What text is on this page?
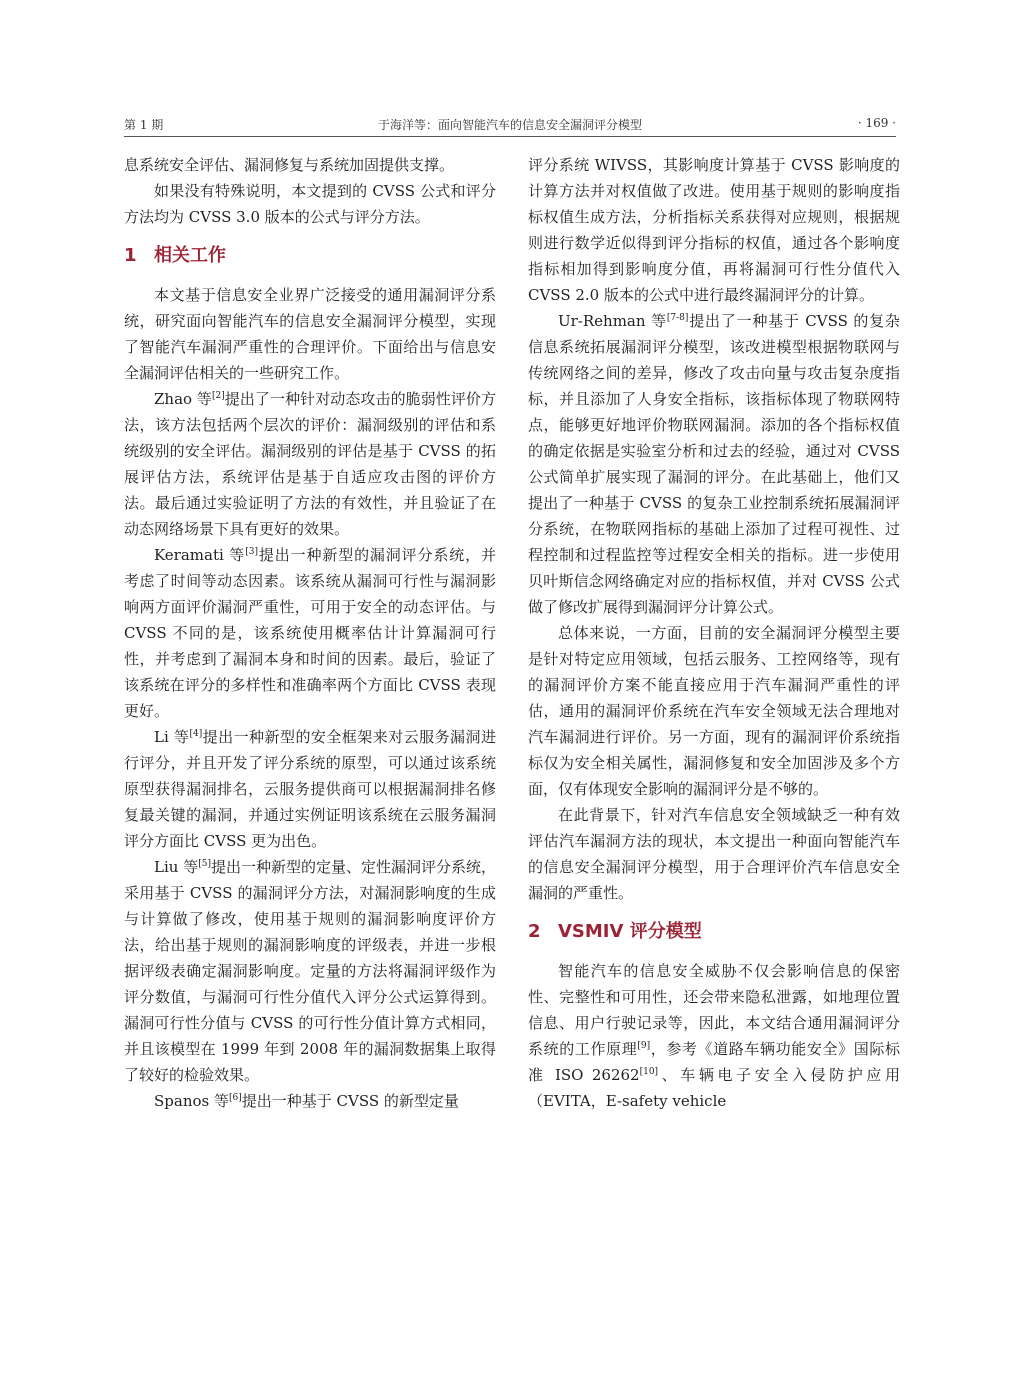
第 1 期	于海洋等：面向智能汽车的信息安全漏洞评分模型	· 169 ·

息系统安全评估、漏洞修复与系统加固提供支撑。

如果没有特殊说明，本文提到的 CVSS 公式和评分方法均为 CVSS 3.0 版本的公式与评分方法。

1 相关工作

本文基于信息安全业界广泛接受的通用漏洞评分系统，研究面向智能汽车的信息安全漏洞评分模型，实现了智能汽车漏洞严重性的合理评价。下面给出与信息安全漏洞评估相关的一些研究工作。

Zhao 等[2]提出了一种针对动态攻击的脆弱性评价方法，该方法包括两个层次的评价：漏洞级别的评估和系统级别的安全评估。漏洞级别的评估是基于 CVSS 的拓展评估方法，系统评估是基于自适应攻击图的评价方法。最后通过实验证明了方法的有效性，并且验证了在动态网络场景下具有更好的效果。

Keramati 等[3]提出一种新型的漏洞评分系统，并考虑了时间等动态因素。该系统从漏洞可行性与漏洞影响两方面评价漏洞严重性，可用于安全的动态评估。与 CVSS 不同的是，该系统使用概率估计计算漏洞可行性，并考虑到了漏洞本身和时间的因素。最后，验证了该系统在评分的多样性和准确率两个方面比 CVSS 表现更好。

Li 等[4]提出一种新型的安全框架来对云服务漏洞进行评分，并且开发了评分系统的原型，可以通过该系统原型获得漏洞排名，云服务提供商可以根据漏洞排名修复最关键的漏洞，并通过实例证明该系统在云服务漏洞评分方面比 CVSS 更为出色。

Liu 等[5]提出一种新型的定量、定性漏洞评分系统，采用基于 CVSS 的漏洞评分方法，对漏洞影响度的生成与计算做了修改，使用基于规则的漏洞影响度评价方法，给出基于规则的漏洞影响度的评级表，并进一步根据评级表确定漏洞影响度。定量的方法将漏洞评级作为评分数值，与漏洞可行性分值代入评分公式运算得到。漏洞可行性分值与 CVSS 的可行性分值计算方式相同，并且该模型在 1999 年到 2008 年的漏洞数据集上取得了较好的检验效果。

Spanos 等[6]提出一种基于 CVSS 的新型定量

评分系统 WIVSS，其影响度计算基于 CVSS 影响度的计算方法并对权值做了改进。使用基于规则的影响度指标权值生成方法，分析指标关系获得对应规则，根据规则进行数学近似得到评分指标的权值，通过各个影响度指标相加得到影响度分值，再将漏洞可行性分值代入 CVSS 2.0 版本的公式中进行最终漏洞评分的计算。

Ur-Rehman 等[7-8]提出了一种基于 CVSS 的复杂信息系统拓展漏洞评分模型，该改进模型根据物联网与传统网络之间的差异，修改了攻击向量与攻击复杂度指标，并且添加了人身安全指标，该指标体现了物联网特点，能够更好地评价物联网漏洞。添加的各个指标权值的确定依据是实验室分析和过去的经验，通过对 CVSS 公式简单扩展实现了漏洞的评分。在此基础上，他们又提出了一种基于 CVSS 的复杂工业控制系统拓展漏洞评分系统，在物联网指标的基础上添加了过程可视性、过程控制和过程监控等过程安全相关的指标。进一步使用贝叶斯信念网络确定对应的指标权值，并对 CVSS 公式做了修改扩展得到漏洞评分计算公式。

总体来说，一方面，目前的安全漏洞评分模型主要是针对特定应用领域，包括云服务、工控网络等，现有的漏洞评价方案不能直接应用于汽车漏洞严重性的评估，通用的漏洞评价系统在汽车安全领域无法合理地对汽车漏洞进行评价。另一方面，现有的漏洞评价系统指标仅为安全相关属性，漏洞修复和安全加固涉及多个方面，仅有体现安全影响的漏洞评分是不够的。

在此背景下，针对汽车信息安全领域缺乏一种有效评估汽车漏洞方法的现状，本文提出一种面向智能汽车的信息安全漏洞评分模型，用于合理评价汽车信息安全漏洞的严重性。

2 VSMIV 评分模型

智能汽车的信息安全威胁不仅会影响信息的保密性、完整性和可用性，还会带来隐私泄露，如地理位置信息、用户行驶记录等，因此，本文结合通用漏洞评分系统的工作原理[9]，参考《道路车辆功能安全》国际标准 ISO 26262[10]、车辆电子安全入侵防护应用（EVITA，E-safety vehicle
